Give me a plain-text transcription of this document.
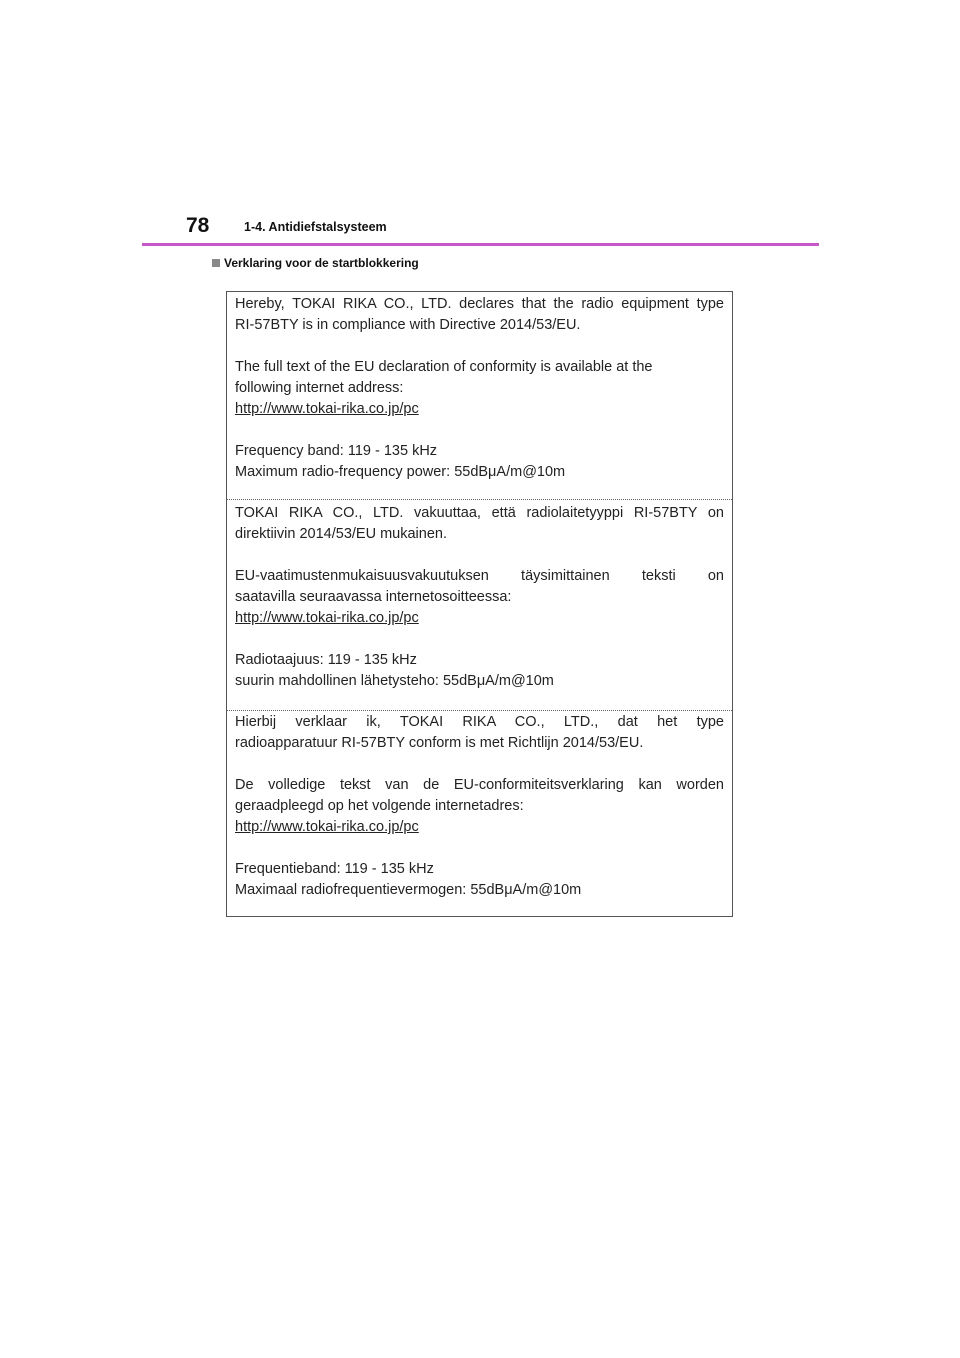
78	1-4. Antidiefstalsysteem
Verklaring voor de startblokkering
Hereby, TOKAI RIKA CO., LTD. declares that the radio equipment type
RI-57BTY is in compliance with Directive 2014/53/EU.
The full text of the EU declaration of conformity is available at the
following internet address:
http://www.tokai-rika.co.jp/pc
Frequency band: 119 - 135 kHz
Maximum radio-frequency power: 55dBμA/m@10m
TOKAI RIKA CO., LTD. vakuuttaa, että radiolaitetyyppi RI-57BTY on
direktiivin 2014/53/EU mukainen.
EU-vaatimustenmukaisuusvakuutuksen täysimittainen teksti on
saatavilla seuraavassa internetosoitteessa:
http://www.tokai-rika.co.jp/pc
Radiotaajuus: 119 - 135 kHz
suurin mahdollinen lähetysteho: 55dBμA/m@10m
Hierbij verklaar ik, TOKAI RIKA CO., LTD., dat het type
radioapparatuur RI-57BTY conform is met Richtlijn 2014/53/EU.
De volledige tekst van de EU-conformiteitsverklaring kan worden
geraadpleegd op het volgende internetadres:
http://www.tokai-rika.co.jp/pc
Frequentieband: 119 - 135 kHz
Maximaal radiofrequentievermogen: 55dBμA/m@10m
